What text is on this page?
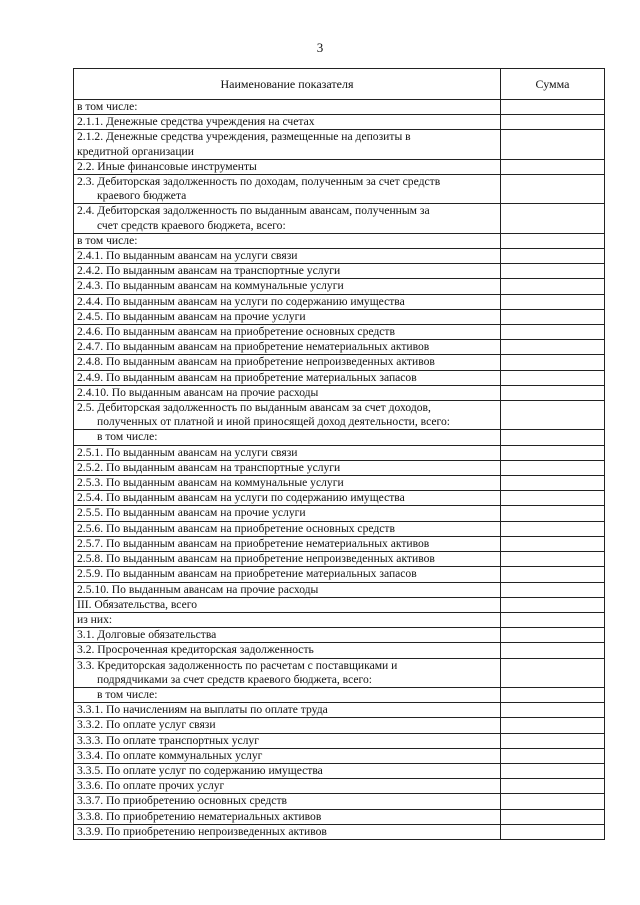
3
Наименование показателя	Сумма

в том числе:	

2.1.1. Денежные средства учреждения на счетах	

2.1.2. Денежные средства учреждения, размещенные на депозиты в
кредитной организации	

2.2. Иные финансовые инструменты	

2.3. Дебиторская задолженность по доходам, полученным за счет средств
краевого бюджета	

2.4. Дебиторская задолженность по выданным авансам, полученным за
счет средств краевого бюджета, всего:	

в том числе:	

2.4.1. По выданным авансам на услуги связи	

2.4.2. По выданным авансам на транспортные услуги	

2.4.3. По выданным авансам на коммунальные услуги	

2.4.4. По выданным авансам на услуги по содержанию имущества	

2.4.5. По выданным авансам на прочие услуги	

2.4.6. По выданным авансам на приобретение основных средств	

2.4.7. По выданным авансам на приобретение нематериальных активов	

2.4.8. По выданным авансам на приобретение непроизведенных активов	

2.4.9. По выданным авансам на приобретение материальных запасов	

2.4.10. По выданным авансам на прочие расходы	

2.5. Дебиторская задолженность по выданным авансам за счет доходов,
полученных от платной и иной приносящей доход деятельности, всего:	

в том числе:	

2.5.1. По выданным авансам на услуги связи	

2.5.2. По выданным авансам на транспортные услуги	

2.5.3. По выданным авансам на коммунальные услуги	

2.5.4. По выданным авансам на услуги по содержанию имущества	

2.5.5. По выданным авансам на прочие услуги	

2.5.6. По выданным авансам на приобретение основных средств	

2.5.7. По выданным авансам на приобретение нематериальных активов	

2.5.8. По выданным авансам на приобретение непроизведенных активов	

2.5.9. По выданным авансам на приобретение материальных запасов	

2.5.10. По выданным авансам на прочие расходы	

III. Обязательства, всего	

из них:	

3.1. Долговые обязательства	

3.2. Просроченная кредиторская задолженность	

3.3. Кредиторская задолженность по расчетам с поставщиками и
подрядчиками за счет средств краевого бюджета, всего:	

в том числе:	

3.3.1. По начислениям на выплаты по оплате труда	

3.3.2. По оплате услуг связи	

3.3.3. По оплате транспортных услуг	

3.3.4. По оплате коммунальных услуг	

3.3.5. По оплате услуг по содержанию имущества	

3.3.6. По оплате прочих услуг	

3.3.7. По приобретению основных средств	

3.3.8. По приобретению нематериальных активов	

3.3.9. По приобретению непроизведенных активов	
